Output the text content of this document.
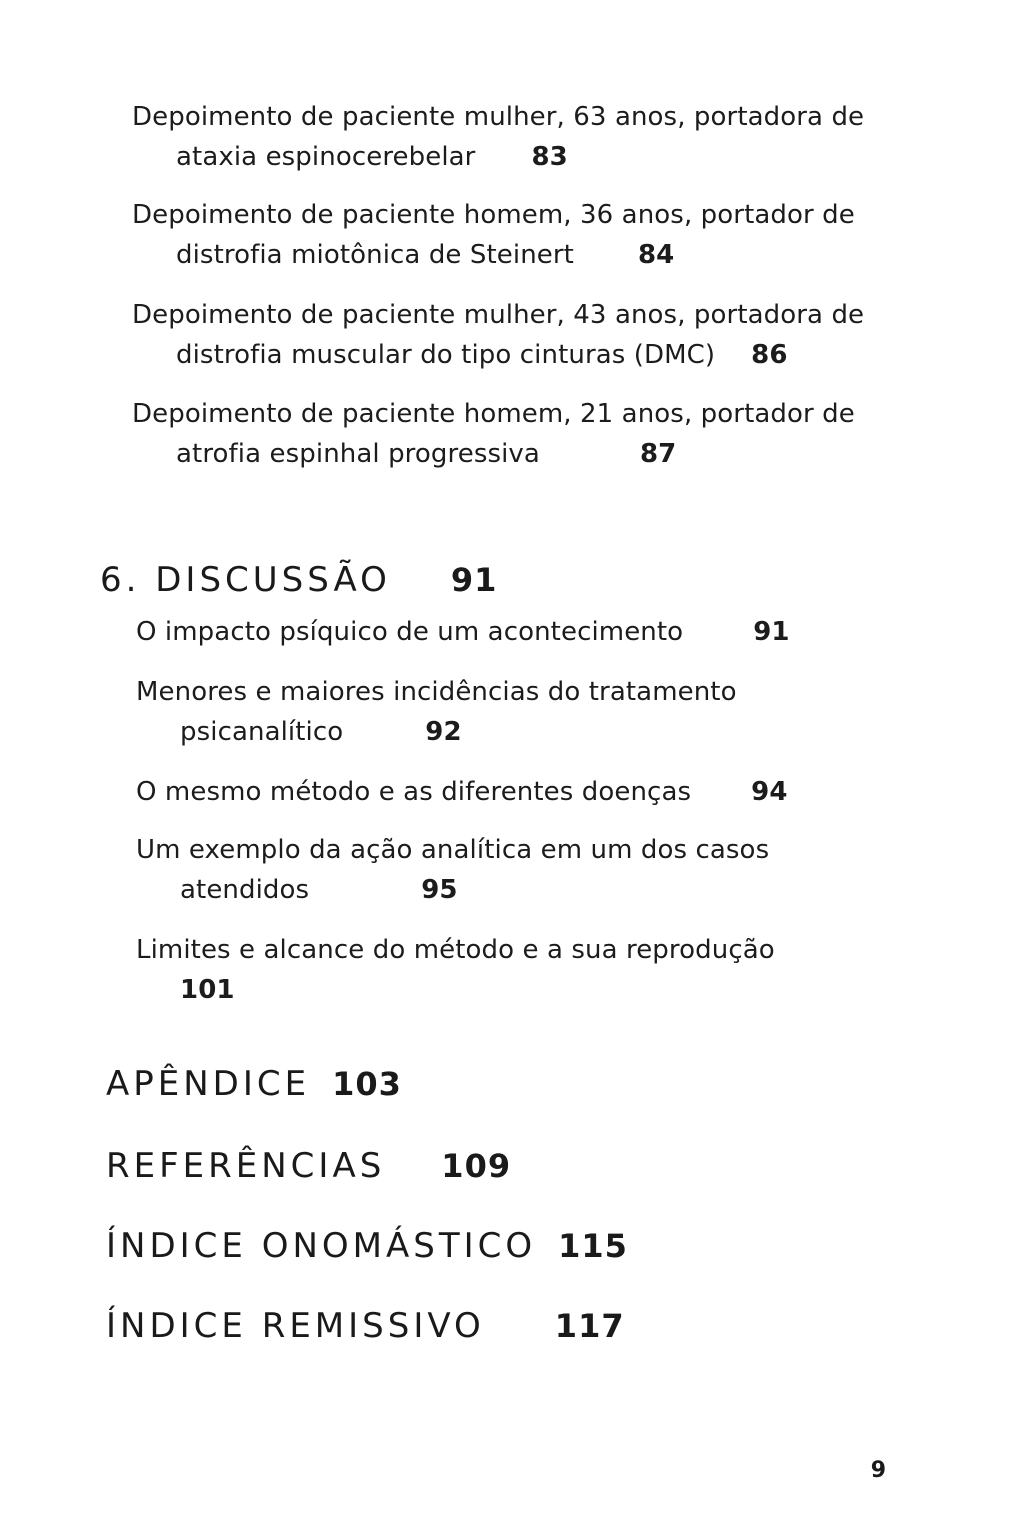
Depoimento de paciente mulher, 63 anos, portadora de
ataxia espinocerebelar 83
Depoimento de paciente homem, 36 anos, portador de
distrofia miotônica de Steinert 84
Depoimento de paciente mulher, 43 anos, portadora de
distrofia muscular do tipo cinturas (DMC) 86
Depoimento de paciente homem, 21 anos, portador de
atrofia espinhal progressiva	87
6. DISCUSSÃO 91
O impacto psíquico de um acontecimento	91
Menores e maiores incidências do tratamento
psicanalítico	92
O mesmo método e as diferentes doenças 94
Um exemplo da ação analítica em um dos casos
atendidos	95
Limites e alcance do método e a sua reprodução
101
APÊNDICE 103
REFERÊNCIAS 109
ÍNDICE ONOMÁSTICO 115
ÍNDICE REMISSIVO 117
9
